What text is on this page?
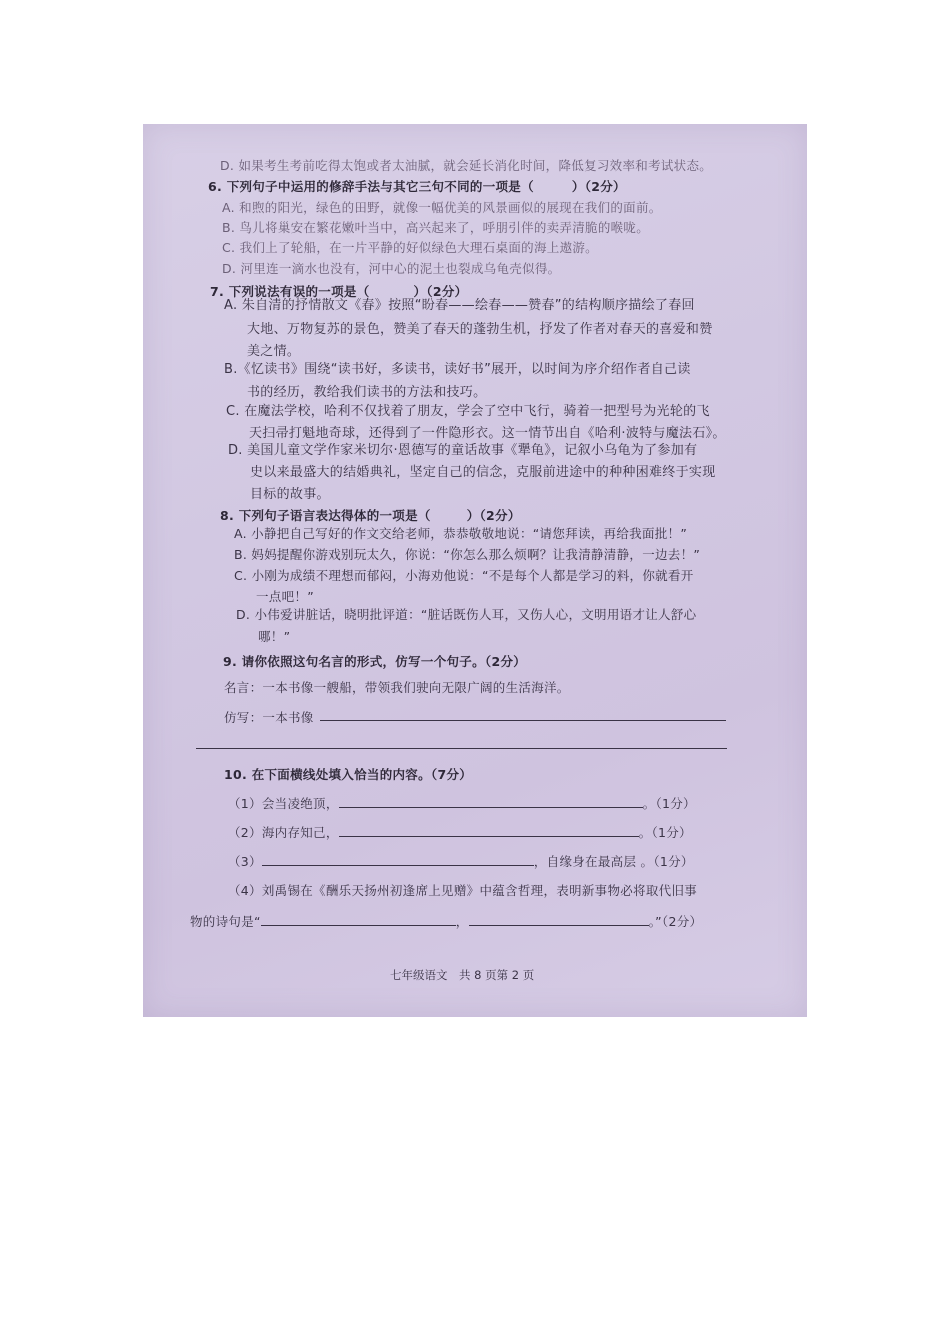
D. 如果考生考前吃得太饱或者太油腻，就会延长消化时间，降低复习效率和考试状态。
6. 下列句子中运用的修辞手法与其它三句不同的一项是（	）（2分）
A. 和煦的阳光，绿色的田野，就像一幅优美的风景画似的展现在我们的面前。
B. 鸟儿将巢安在繁花嫩叶当中，高兴起来了，呼朋引伴的卖弄清脆的喉咙。
C. 我们上了轮船，在一片平静的好似绿色大理石桌面的海上遨游。
D. 河里连一滴水也没有，河中心的泥土也裂成乌龟壳似得。
7. 下列说法有误的一项是（	）（2分）
A. 朱自清的抒情散文《春》按照“盼春——绘春——赞春”的结构顺序描绘了春回
大地、万物复苏的景色，赞美了春天的蓬勃生机，抒发了作者对春天的喜爱和赞
美之情。
B.《忆读书》围绕“读书好，多读书，读好书”展开，以时间为序介绍作者自己读
书的经历，教给我们读书的方法和技巧。
C. 在魔法学校，哈利不仅找着了朋友，学会了空中飞行，骑着一把型号为光轮的飞
天扫帚打魁地奇球，还得到了一件隐形衣。这一情节出自《哈利·波特与魔法石》。
D. 美国儿童文学作家米切尔·恩德写的童话故事《犟龟》，记叙小乌龟为了参加有
史以来最盛大的结婚典礼，坚定自己的信念，克服前进途中的种种困难终于实现
目标的故事。
8. 下列句子语言表达得体的一项是（	）（2分）
A. 小静把自己写好的作文交给老师，恭恭敬敬地说：“请您拜读，再给我面批！”
B. 妈妈提醒你游戏别玩太久，你说：“你怎么那么烦啊？让我清静清静，一边去！”
C. 小刚为成绩不理想而郁闷，小海劝他说：“不是每个人都是学习的料，你就看开
一点吧！”
D. 小伟爱讲脏话，晓明批评道：“脏话既伤人耳，又伤人心，文明用语才让人舒心
哪！”
9. 请你依照这句名言的形式，仿写一个句子。（2分）
名言：一本书像一艘船，带领我们驶向无限广阔的生活海洋。
仿写：一本书像
10. 在下面横线处填入恰当的内容。（7分）
（1）会当凌绝顶，	。（1分）
（2）海内存知己，	。（1分）
（3）	，自缘身在最高层 。（1分）
（4）刘禹锡在《酬乐天扬州初逢席上见赠》中蕴含哲理，表明新事物必将取代旧事
物的诗句是“	，	。”（2分）
七年级语文　共 8 页第 2 页
